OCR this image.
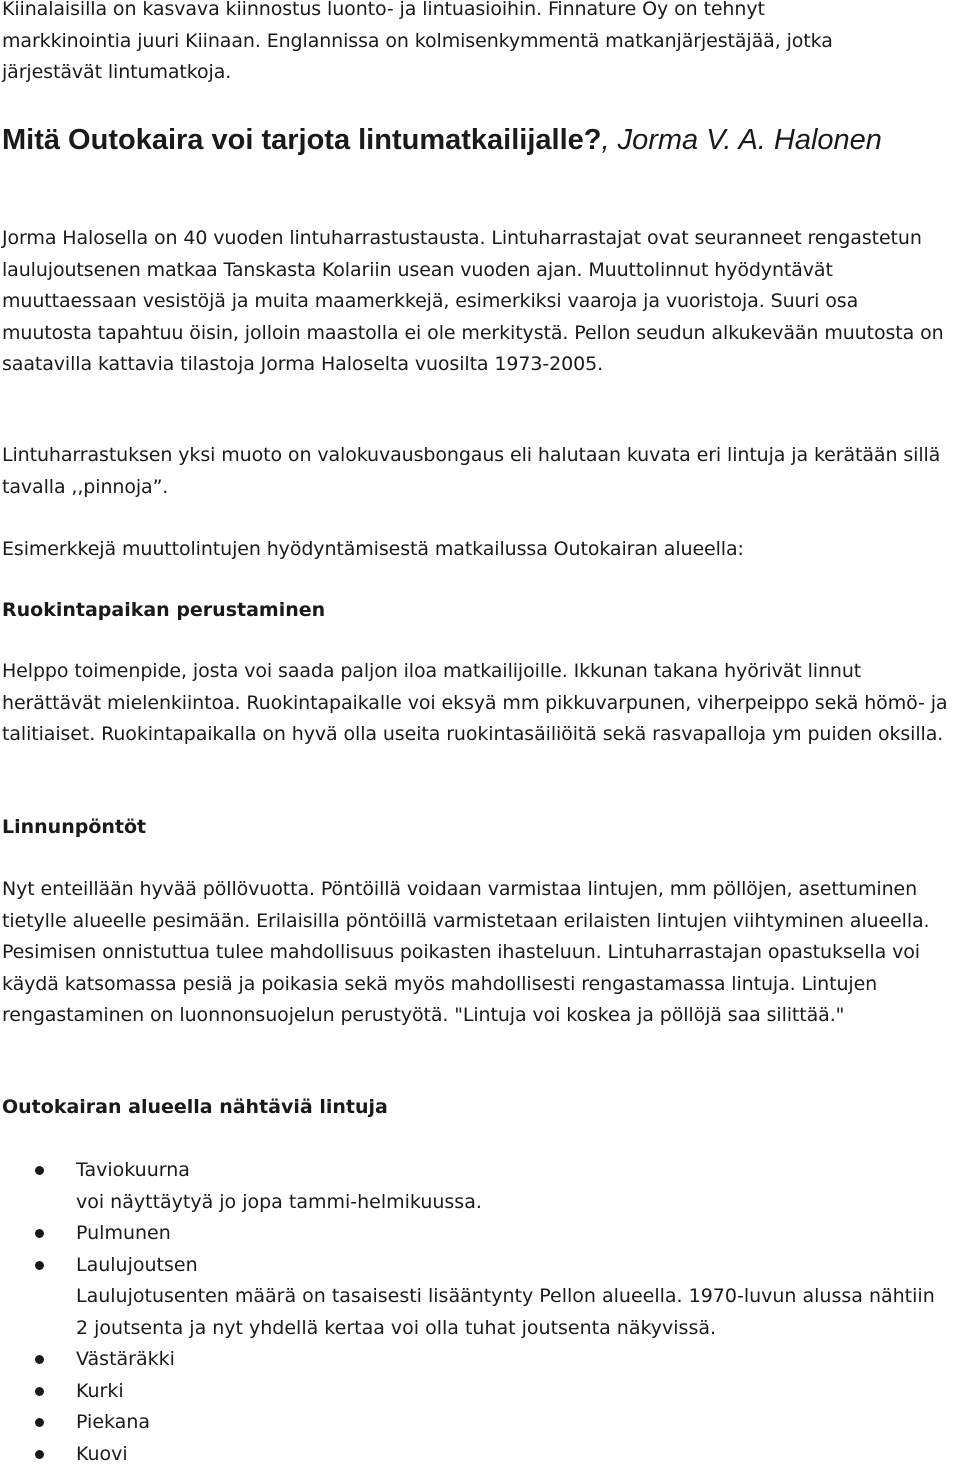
Kiinalaisilla on kasvava kiinnostus luonto- ja lintuasioihin. Finnature Oy on tehnyt
markkinointia juuri Kiinaan. Englannissa on kolmisenkymmentä matkanjärjestäjää, jotka
järjestävät lintumatkoja.

Mitä Outokaira voi tarjota lintumatkailijalle?, Jorma V. A. Halonen

Jorma Halosella on 40 vuoden lintuharrastustausta. Lintuharrastajat ovat seuranneet rengastetun laulujoutsenen matkaa Tanskasta Kolariin usean vuoden ajan. Muuttolinnut hyödyntävät muuttaessaan vesistöjä ja muita maamerkkejä, esimerkiksi vaaroja ja vuoristoja. Suuri osa muutosta tapahtuu öisin, jolloin maastolla ei ole merkitystä. Pellon seudun alkukevään muutosta on saatavilla kattavia tilastoja Jorma Haloselta vuosilta 1973-2005.

Lintuharrastuksen yksi muoto on valokuvausbongaus eli halutaan kuvata eri lintuja ja kerätään sillä tavalla ,,pinnoja”.

Esimerkkejä muuttolintujen hyödyntämisestä matkailussa Outokairan alueella:

Ruokintapaikan perustaminen

Helppo toimenpide, josta voi saada paljon iloa matkailijoille. Ikkunan takana hyörivät linnut herättävät mielenkiintoa. Ruokintapaikalle voi eksyä mm pikkuvarpunen, viherpeippo sekä hömö- ja talitiaiset. Ruokintapaikalla on hyvä olla useita ruokintasäiliöitä sekä rasvapalloja ym puiden oksilla.

Linnunpöntöt

Nyt enteillään hyvää pöllövuotta. Pöntöillä voidaan varmistaa lintujen, mm pöllöjen, asettuminen tietylle alueelle pesimään. Erilaisilla pöntöillä varmistetaan erilaisten lintujen viihtyminen alueella. Pesimisen onnistuttua tulee mahdollisuus poikasten ihasteluun. Lintuharrastajan opastuksella voi käydä katsomassa pesiä ja poikasia sekä myös mahdollisesti rengastamassa lintuja. Lintujen rengastaminen on luonnonsuojelun perustyötä. "Lintuja voi koskea ja pöllöjä saa silittää."

Outokairan alueella nähtäviä lintuja
Taviokuurna
voi näyttäytyä jo jopa tammi-helmikuussa.
Pulmunen
Laulujoutsen
Laulujotusenten määrä on tasaisesti lisääntynty Pellon alueella. 1970-luvun alussa nähtiin 2 joutsenta ja nyt yhdellä kertaa voi olla tuhat joutsenta näkyvissä.
Västäräkki
Kurki
Piekana
Kuovi
